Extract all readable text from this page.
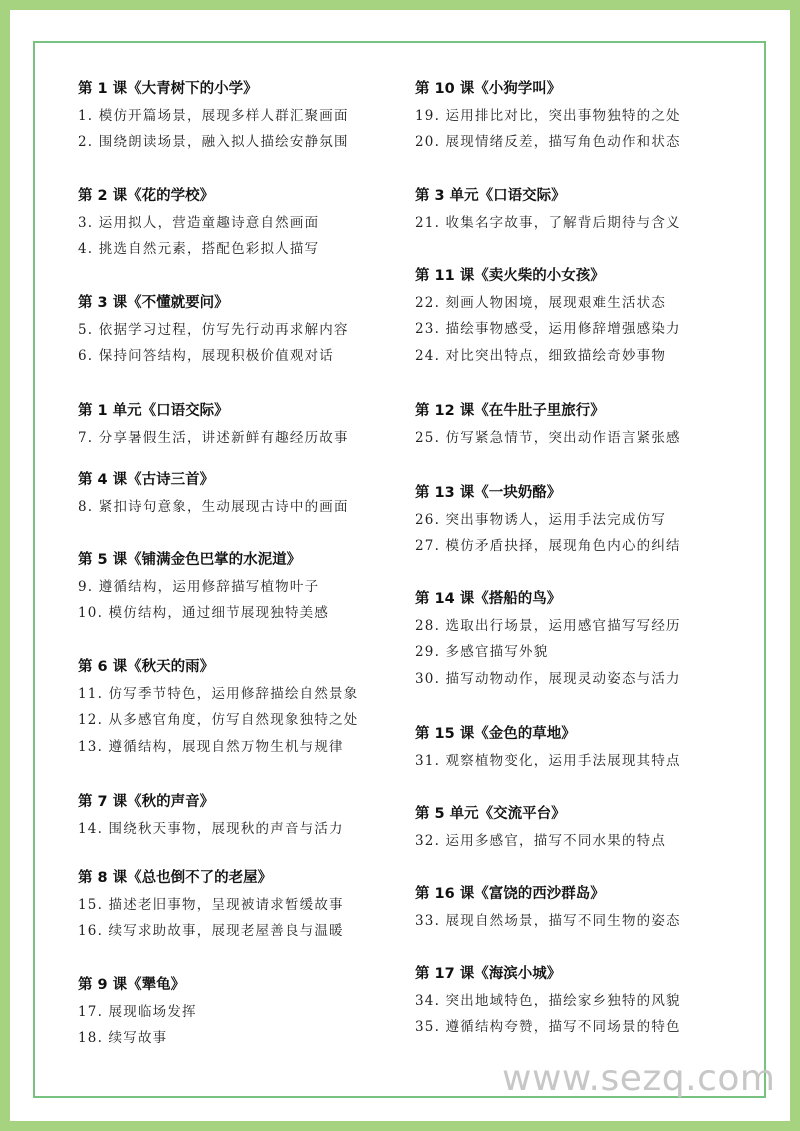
第 1 课《大青树下的小学》
1. 模仿开篇场景，展现多样人群汇聚画面
2. 围绕朗读场景，融入拟人描绘安静氛围
第 2 课《花的学校》
3. 运用拟人，营造童趣诗意自然画面
4. 挑选自然元素，搭配色彩拟人描写
第 3 课《不懂就要问》
5. 依据学习过程，仿写先行动再求解内容
6. 保持问答结构，展现积极价值观对话
第 1 单元《口语交际》
7. 分享暑假生活，讲述新鲜有趣经历故事
第 4 课《古诗三首》
8. 紧扣诗句意象，生动展现古诗中的画面
第 5 课《铺满金色巴掌的水泥道》
9. 遵循结构，运用修辞描写植物叶子
10. 模仿结构，通过细节展现独特美感
第 6 课《秋天的雨》
11. 仿写季节特色，运用修辞描绘自然景象
12. 从多感官角度，仿写自然现象独特之处
13. 遵循结构，展现自然万物生机与规律
第 7 课《秋的声音》
14. 围绕秋天事物，展现秋的声音与活力
第 8 课《总也倒不了的老屋》
15. 描述老旧事物，呈现被请求暂缓故事
16. 续写求助故事，展现老屋善良与温暖
第 9 课《犟龟》
17. 展现临场发挥
18. 续写故事
第 10 课《小狗学叫》
19. 运用排比对比，突出事物独特的之处
20. 展现情绪反差，描写角色动作和状态
第 3 单元《口语交际》
21. 收集名字故事，了解背后期待与含义
第 11 课《卖火柴的小女孩》
22. 刻画人物困境，展现艰难生活状态
23. 描绘事物感受，运用修辞增强感染力
24. 对比突出特点，细致描绘奇妙事物
第 12 课《在牛肚子里旅行》
25. 仿写紧急情节，突出动作语言紧张感
第 13 课《一块奶酪》
26. 突出事物诱人，运用手法完成仿写
27. 模仿矛盾抉择，展现角色内心的纠结
第 14 课《搭船的鸟》
28. 选取出行场景，运用感官描写写经历
29. 多感官描写外貌
30. 描写动物动作，展现灵动姿态与活力
第 15 课《金色的草地》
31. 观察植物变化，运用手法展现其特点
第 5 单元《交流平台》
32. 运用多感官，描写不同水果的特点
第 16 课《富饶的西沙群岛》
33. 展现自然场景，描写不同生物的姿态
第 17 课《海滨小城》
34. 突出地域特色，描绘家乡独特的风貌
35. 遵循结构夸赞，描写不同场景的特色
www.sezq.com
